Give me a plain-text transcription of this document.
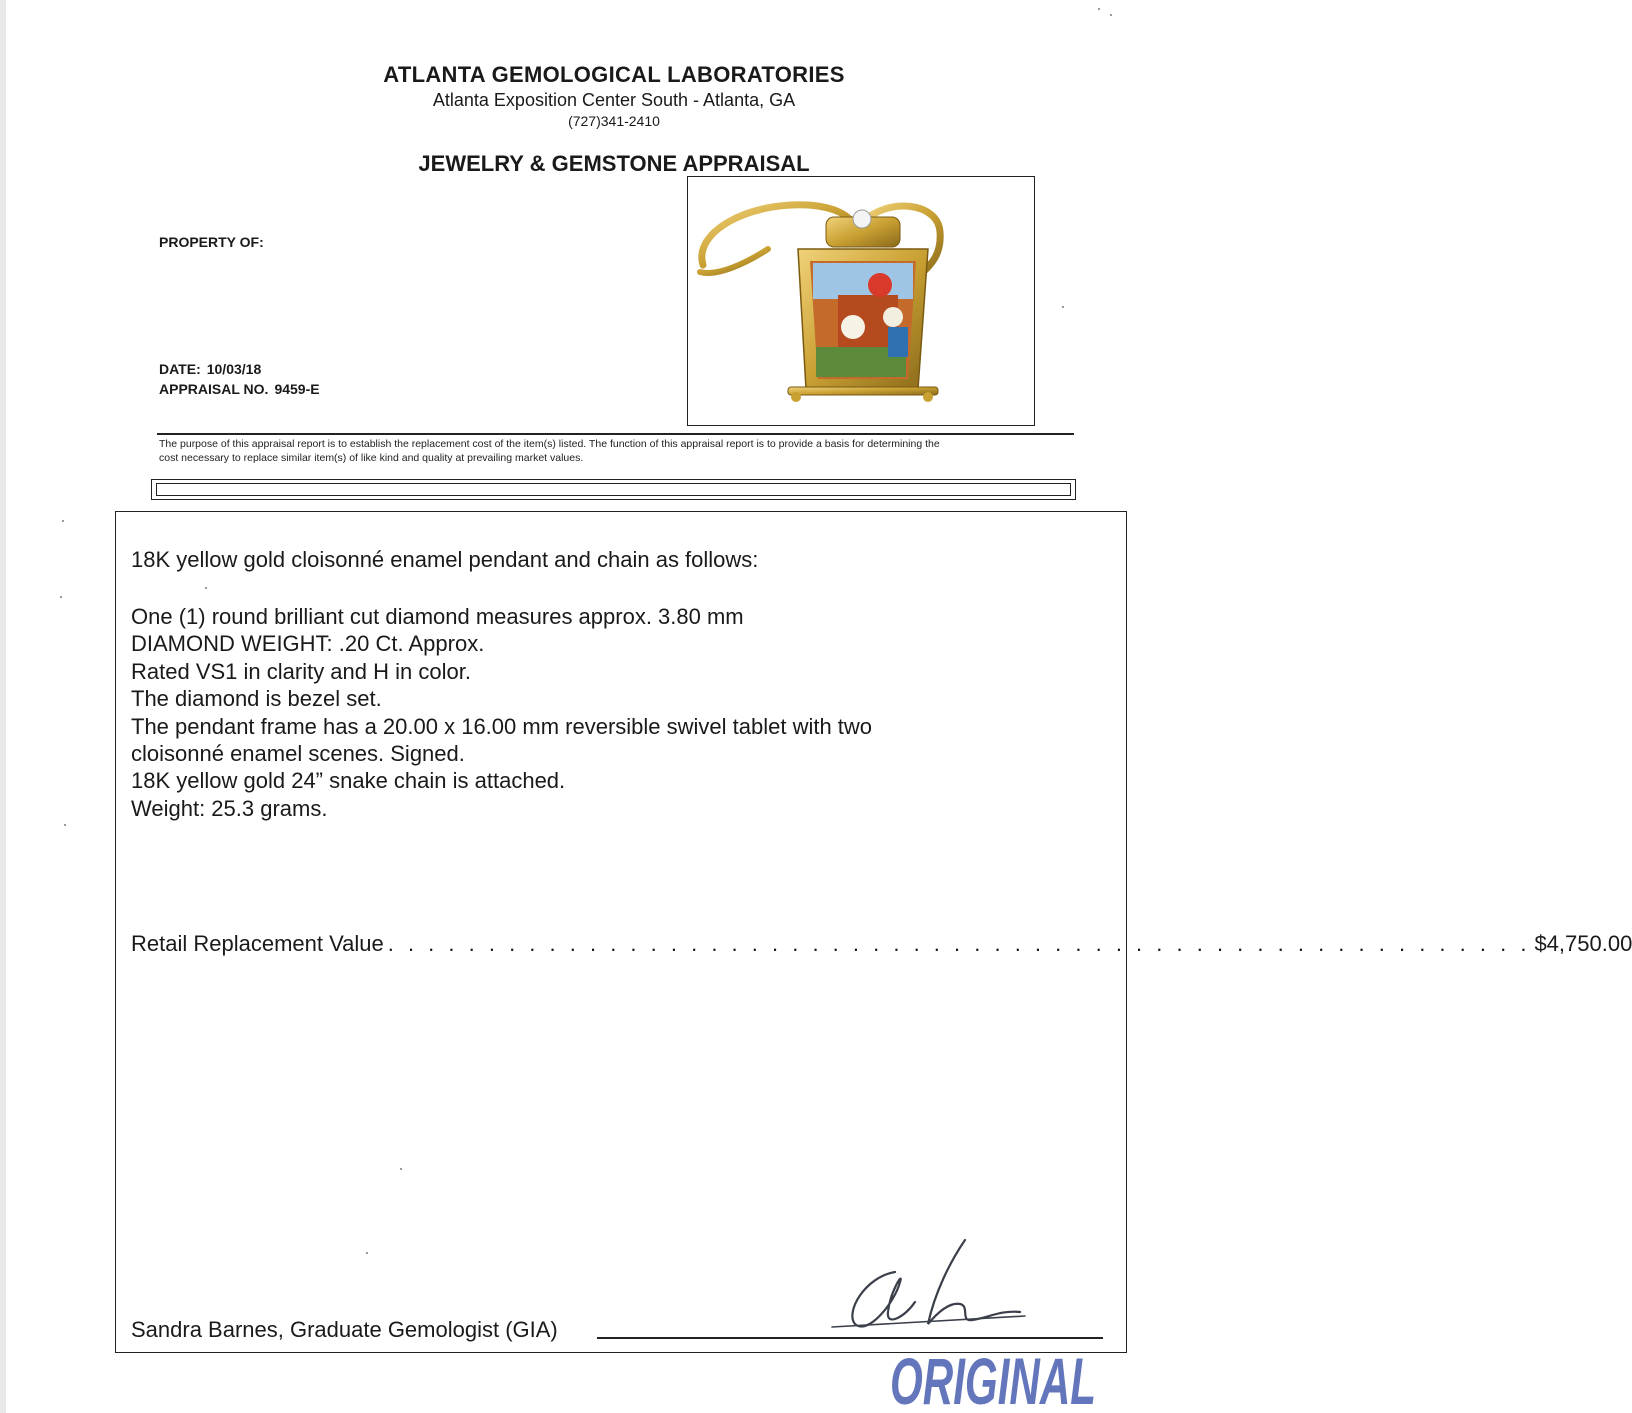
ATLANTA GEMOLOGICAL LABORATORIES
Atlanta Exposition Center South - Atlanta, GA
(727)341-2410
JEWELRY & GEMSTONE APPRAISAL
PROPERTY OF:
DATE: 10/03/18
APPRAISAL NO. 9459-E
The purpose of this appraisal report is to establish the replacement cost of the item(s) listed. The function of this appraisal report is to provide a basis for determining the
cost necessary to replace similar item(s) of like kind and quality at prevailing market values.
18K yellow gold cloisonné enamel pendant and chain as follows:
One (1) round brilliant cut diamond measures approx. 3.80 mm
DIAMOND WEIGHT: .20 Ct. Approx.
Rated VS1 in clarity and H in color.
The diamond is bezel set.
The pendant frame has a 20.00 x 16.00 mm reversible swivel tablet with two
cloisonné enamel scenes. Signed.
18K yellow gold 24” snake chain is attached.
Weight: 25.3 grams.
Retail Replacement Value . . . . . . . . . . . . . . . . . . . . . . . . . . . . . . . . . . . . . . . . . . . . . . . . . . . . . . . . . $4,750.00
Sandra Barnes, Graduate Gemologist (GIA)
ORIGINAL
